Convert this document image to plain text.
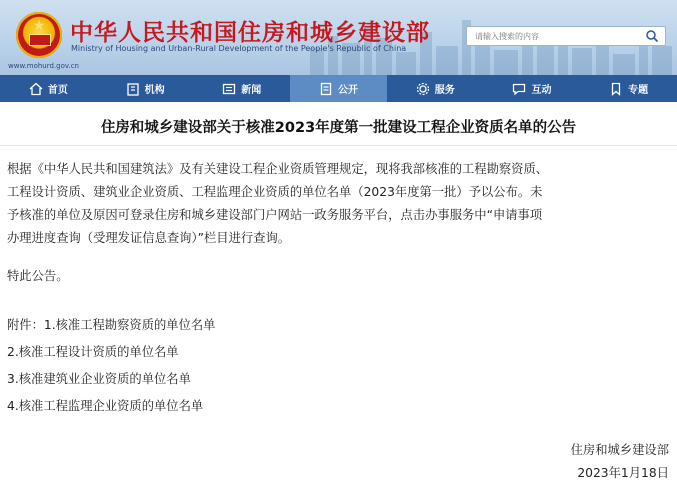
★	中华人民共和国住房和城乡建设部
Ministry of Housing and Urban-Rural Development of the People's Republic of China
www.mohurd.gov.cn
请输入搜索的内容
首页	机构	新闻	公开	服务	互动	专题
住房和城乡建设部关于核准2023年度第一批建设工程企业资质名单的公告
根据《中华人民共和国建筑法》及有关建设工程企业资质管理规定，现将我部核准的工程勘察资质、
工程设计资质、建筑业企业资质、工程监理企业资质的单位名单（2023年度第一批）予以公布。未
予核准的单位及原因可登录住房和城乡建设部门户网站一政务服务平台，点击办事服务中“申请事项
办理进度查询（受理发证信息查询）”栏目进行查询。
特此公告。
附件：1.核准工程勘察资质的单位名单
2.核准工程设计资质的单位名单
3.核准建筑业企业资质的单位名单
4.核准工程监理企业资质的单位名单
住房和城乡建设部
2023年1月18日
